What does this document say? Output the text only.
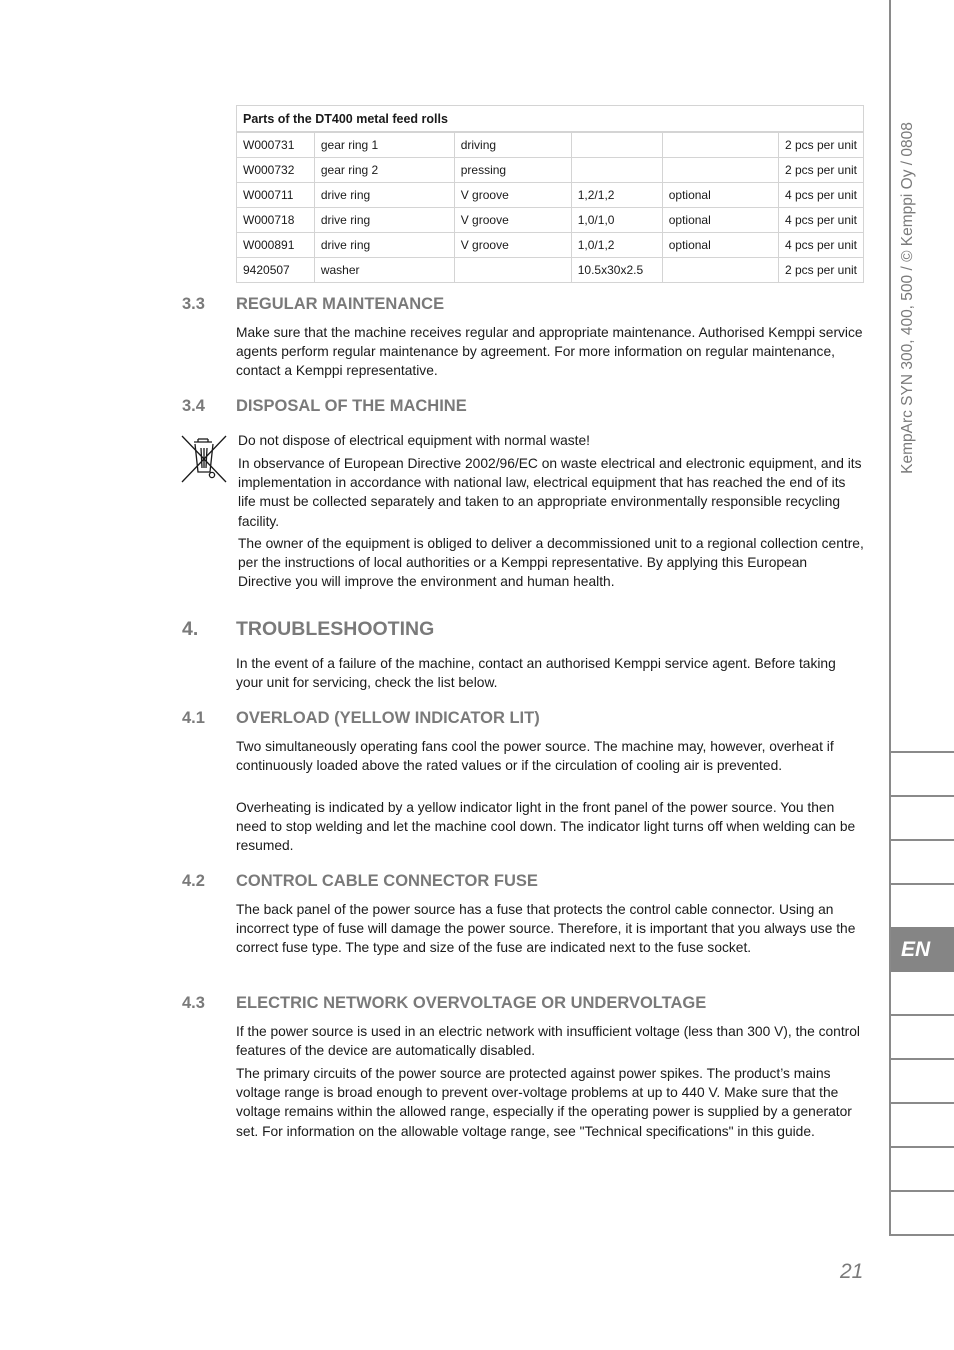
Parts of the DT400 metal feed rolls					
W000731	gear ring 1	driving			2 pcs per unit
W000732	gear ring 2	pressing			2 pcs per unit
W000711	drive ring	V groove	1,2/1,2	optional	4 pcs per unit
W000718	drive ring	V groove	1,0/1,0	optional	4 pcs per unit
W000891	drive ring	V groove	1,0/1,2	optional	4 pcs per unit
9420507	washer		10.5x30x2.5		2 pcs per unit
3.3 REGULAR MAINTENANCE

Make sure that the machine receives regular and appropriate maintenance. Authorised Kemppi service agents perform regular maintenance by agreement. For more information on regular maintenance, contact a Kemppi representative.

3.4 DISPOSAL OF THE MACHINE

Do not dispose of electrical equipment with normal waste!

In observance of European Directive 2002/96/EC on waste electrical and electronic equipment, and its implementation in accordance with national law, electrical equipment that has reached the end of its life must be collected separately and taken to an appropriate environmentally responsible recycling facility.

The owner of the equipment is obliged to deliver a decommissioned unit to a regional collection centre, per the instructions of local authorities or a Kemppi representative. By applying this European Directive you will improve the environment and human health.

4. TROUBLESHOOTING

In the event of a failure of the machine, contact an authorised Kemppi service agent. Before taking your unit for servicing, check the list below.

4.1 OVERLOAD (YELLOW INDICATOR LIT)

Two simultaneously operating fans cool the power source. The machine may, however, overheat if continuously loaded above the rated values or if the circulation of cooling air is prevented.

Overheating is indicated by a yellow indicator light in the front panel of the power source. You then need to stop welding and let the machine cool down. The indicator light turns off when welding can be resumed.

4.2 CONTROL CABLE CONNECTOR FUSE

The back panel of the power source has a fuse that protects the control cable connector. Using an incorrect type of fuse will damage the power source. Therefore, it is important that you always use the correct fuse type. The type and size of the fuse are indicated next to the fuse socket.

4.3 ELECTRIC NETWORK OVERVOLTAGE OR UNDERVOLTAGE

If the power source is used in an electric network with insufficient voltage (less than 300 V), the control features of the device are automatically disabled.

The primary circuits of the power source are protected against power spikes. The product’s mains voltage range is broad enough to prevent over-voltage problems at up to 440 V. Make sure that the voltage remains within the allowed range, especially if the operating power is supplied by a generator set. For information on the allowable voltage range, see "Technical specifications" in this guide.

KempArc SYN 300, 400, 500 / © Kemppi Oy / 0808
EN
21
